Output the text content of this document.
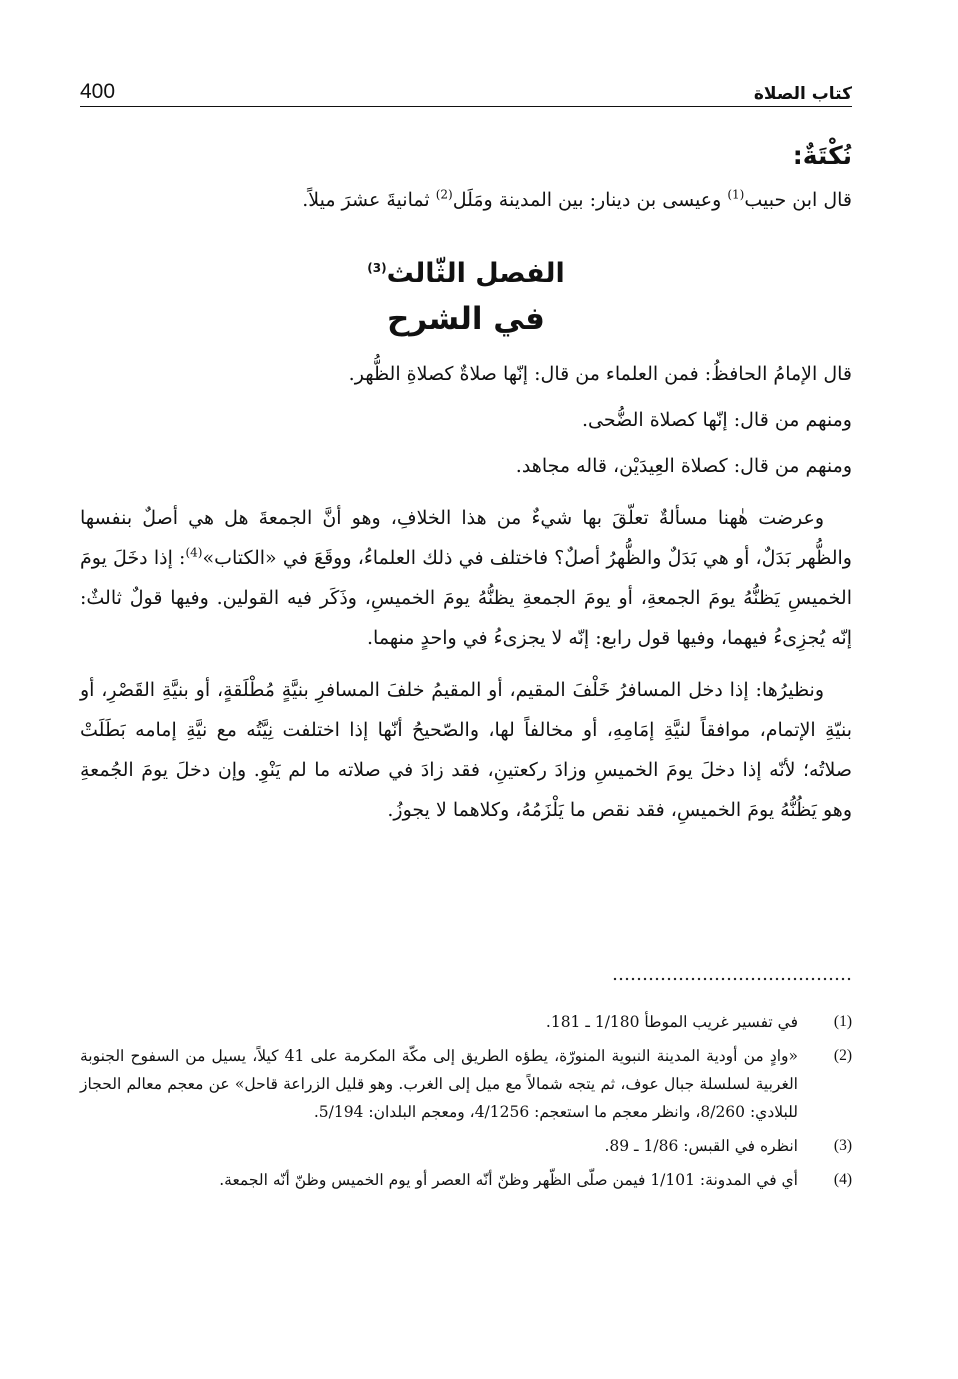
400	كتاب الصلاة
نُكْتَةٌ:

قال ابن حبيب$^{(1)}$ وعيسى بن دينار: بين المدينة ومَلَل$^{(2)}$ ثمانيةَ عشرَ ميلاً.

الفصل الثّالث$^{(3)}$
في الشرح

قال الإمامُ الحافظُ: فمن العلماء من قال: إنّها صلاةٌ كصلاةِ الظُّهر.

ومنهم من قال: إنّها كصلاة الضُّحى.

ومنهم من قال: كصلاة العِيدَيْن، قاله مجاهد.

وعرضت هٰهنا مسألةٌ تعلّقَ بها شيءٌ من هذا الخلافِ، وهو أنَّ الجمعةَ هل هي أصلٌ بنفسها والظُّهر بَدَلٌ، أو هي بَدَلٌ والظُّهرُ أصلٌ؟ فاختلف في ذلك العلماءُ، ووقَعَ في «الكتاب»$^{(4)}$: إذا دخَلَ يومَ الخميسِ يَظنُّهُ يومَ الجمعةِ، أو يومَ الجمعةِ يظنُّهُ يومَ الخميسِ، وذَكَر فيه القولين. وفيها قولٌ ثالثٌ: إنّه يُجزِىءُ فيهما، وفيها قول رابع: إنّه لا يجزىءُ في واحدٍ منهما.

ونظيرُها: إذا دخل المسافرُ خَلْفَ المقيم، أو المقيمُ خلفَ المسافرِ بنيَّةٍ مُطْلَقةٍ، أو بنيَّةِ القَصْرِ، أو بنيّةِ الإتمام، موافقاً لنيَّةِ إمَامِهِ، أو مخالفاً لها، والصّحيحُ أنّها إذا اختلفت نِيَّتُه مع نيَّةِ إمامه بَطَلَتْ صلاتُه؛ لأنّه إذا دخلَ يومَ الخميسِ وزادَ ركعتينِ، فقد زادَ في صلاته ما لم يَنْوِ. وإن دخلَ يومَ الجُمعةِ وهو يَظُنُّهُ يومَ الخميسِ، فقد نقص ما يَلْزَمُهُ، وكلاهما لا يجوزُ.

(1)
في تفسير غريب الموطأ 1/180 ـ 181.
(2)
«وادٍ من أودية المدينة النبوية المنورّة، يطؤه الطريق إلى مكّة المكرمة على 41 كيلاً، يسيل من السفوح الجنوبة الغربية لسلسلة جبال عوف، ثم يتجه شمالاً مع ميل إلى الغرب. وهو قليل الزراعة قاحل» عن معجم معالم الحجاز للبلادي: 8/260، وانظر معجم ما استعجم: 4/1256، ومعجم البلدان: 5/194.
(3)
انظره في القبس: 1/86 ـ 89.
(4)
أي في المدونة: 1/101 فيمن صلّى الظّهر وظنّ أنّه العصر أو يوم الخميس وظنّ أنّه الجمعة.
